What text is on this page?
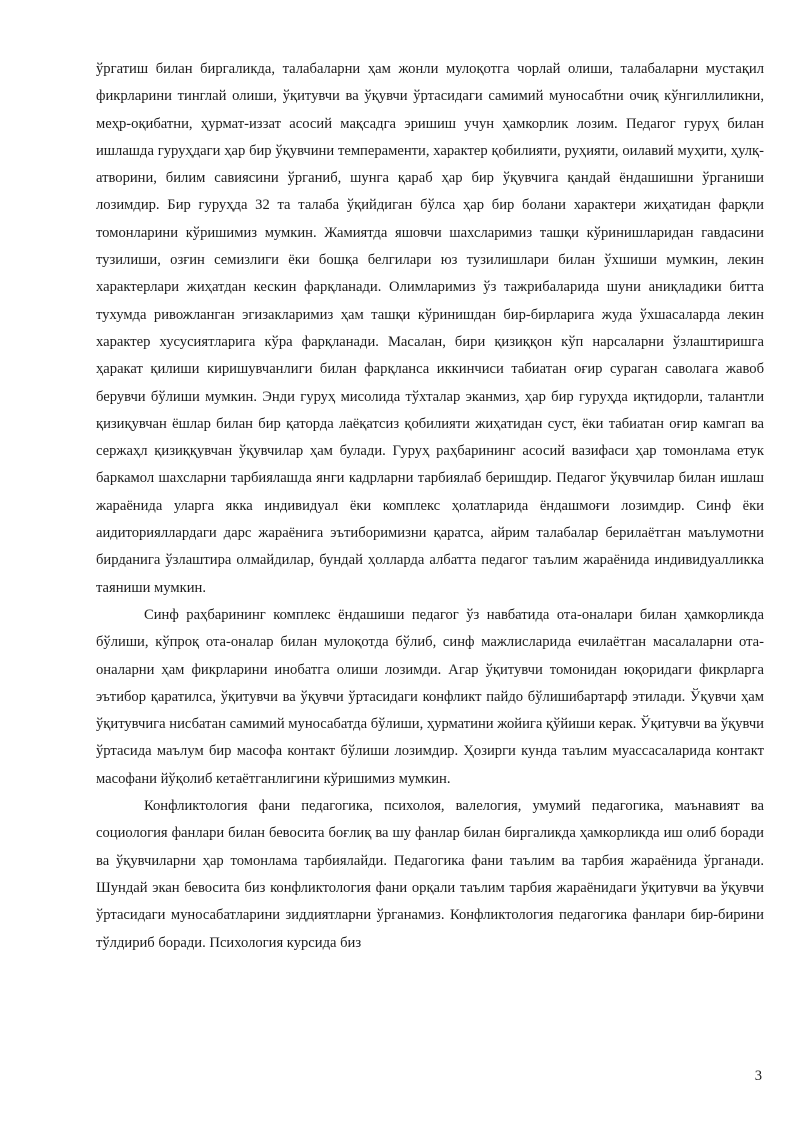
ўргатиш билан биргаликда, талабаларни ҳам жонли мулоқотга чорлай олиши, талабаларни мустақил фикрларини тинглай олиши, ўқитувчи ва ўқувчи ўртасидаги самимий муносабтни очиқ кўнгиллиликни, меҳр-оқибатни, ҳурмат-иззат асосий мақсадга эришиш учун ҳамкорлик лозим. Педагог гуруҳ билан ишлашда гуруҳдаги ҳар бир ўқувчини темпераменти, характер қобилияти, руҳияти, оилавий муҳити, ҳулқ-атворини, билим савиясини ўрганиб, шунга қараб ҳар бир ўқувчига қандай ёндашишни ўрганиши лозимдир. Бир гуруҳда 32 та талаба ўқийдиган бўлса ҳар бир болани характери жиҳатидан фарқли томонларини кўришимиз мумкин. Жамиятда яшовчи шахсларимиз ташқи кўринишларидан гавдасини тузилиши, озғин семизлиги ёки бошқа белгилари юз тузилишлари билан ўхшиши мумкин, лекин характерлари жиҳатдан кескин фарқланади. Олимларимиз ўз тажрибаларида шуни аниқладики битта тухумда ривожланган эгизакларимиз ҳам ташқи кўринишдан бир-бирларига жуда ўхшасаларда лекин характер хусусиятларига кўра фарқланади. Масалан, бири қизиққон кўп нарсаларни ўзлаштиришга ҳаракат қилиши киришувчанлиги билан фарқланса иккинчиси табиатан оғир сураган саволага жавоб берувчи бўлиши мумкин. Энди гуруҳ мисолида тўхталар эканмиз, ҳар бир гуруҳда иқтидорли, талантли қизиқувчан ёшлар билан бир қаторда лаёқатсиз қобилияти жиҳатидан суст, ёки табиатан оғир камгап ва сержаҳл қизиққувчан ўқувчилар ҳам булади. Гуруҳ раҳбарининг асосий вазифаси ҳар томонлама етук баркамол шахсларни тарбиялашда янги кадрларни тарбиялаб беришдир. Педагог ўқувчилар билан ишлаш жараёнида уларга якка индивидуал ёки комплекс ҳолатларида ёндашмоғи лозимдир. Синф ёки аидиторияллардаги дарс жараёнига эътиборимизни қаратса, айрим талабалар берилаётган маълумотни бирданига ўзлаштира олмайдилар, бундай ҳолларда албатта педагог таълим жараёнида индивидуалликка таяниши мумкин.

Синф раҳбарининг комплекс ёндашиши педагог ўз навбатида ота-оналари билан ҳамкорликда бўлиши, кўпроқ ота-оналар билан мулоқотда бўлиб, синф мажлисларида ечилаётган масалаларни ота-оналарни ҳам фикрларини инобатга олиши лозимди. Агар ўқитувчи томонидан юқоридаги фикрларга эътибор қаратилса, ўқитувчи ва ўқувчи ўртасидаги конфликт пайдо бўлишибартарф этилади. Ўқувчи ҳам ўқитувчига нисбатан самимий муносабатда бўлиши, ҳурматини жойига қўйиши керак. Ўқитувчи ва ўқувчи ўртасида маълум бир масофа контакт бўлиши лозимдир. Ҳозирги кунда таълим муассасаларида контакт масофани йўқолиб кетаётганлигини кўришимиз мумкин.

Конфликтология фани педагогика, психолоя, валелогия, умумий педагогика, маънавият ва социология фанлари билан бевосита боғлиқ ва шу фанлар билан биргаликда ҳамкорликда иш олиб боради ва ўқувчиларни ҳар томонлама тарбиялайди. Педагогика фани таълим ва тарбия жараёнида ўрганади. Шундай экан бевосита биз конфликтология фани орқали таълим тарбия жараёнидаги ўқитувчи ва ўқувчи ўртасидаги муносабатларини зиддиятларни ўрганамиз. Конфликтология педагогика фанлари бир-бирини тўлдириб боради. Психология курсида биз

3
